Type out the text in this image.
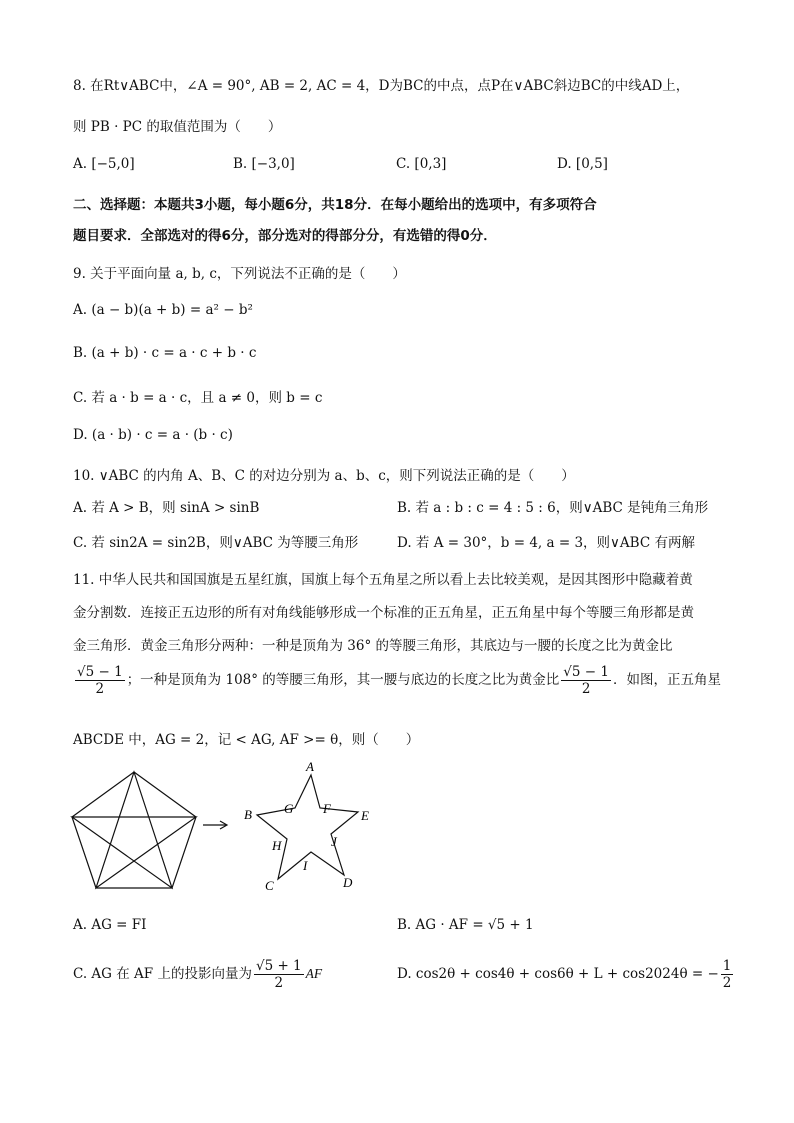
8. 在Rt∨ABC中，∠A = 90°, AB = 2, AC = 4，D为BC的中点，点P在∨ABC斜边BC的中线AD上，
则 PB · PC 的取值范围为（　　）
A. [−5,0]	B. [−3,0]	C. [0,3]	D. [0,5]
二、选择题：本题共3小题，每小题6分，共18分．在每小题给出的选项中，有多项符合
题目要求．全部选对的得6分，部分选对的得部分分，有选错的得0分．
9. 关于平面向量 a, b, c，下列说法不正确的是（　　）
A. (a − b)(a + b) = a² − b²
B. (a + b) · c = a · c + b · c
C. 若 a · b = a · c，且 a ≠ 0，则 b = c
D. (a · b) · c = a · (b · c)
10. ∨ABC 的内角 A、B、C 的对边分别为 a、b、c，则下列说法正确的是（　　）
A. 若 A > B，则 sinA > sinB	B. 若 a : b : c = 4 : 5 : 6，则∨ABC 是钝角三角形
C. 若 sin2A = sin2B，则∨ABC 为等腰三角形	D. 若 A = 30°，b = 4, a = 3，则∨ABC 有两解
11. 中华人民共和国国旗是五星红旗，国旗上每个五角星之所以看上去比较美观，是因其图形中隐藏着黄
金分割数．连接正五边形的所有对角线能够形成一个标准的正五角星，正五角星中每个等腰三角形都是黄
金三角形．黄金三角形分两种：一种是顶角为 36° 的等腰三角形，其底边与一腰的长度之比为黄金比
$\frac{√5 - 1}{2}$ ；一种是顶角为 108° 的等腰三角形，其一腰与底边的长度之比为黄金比 $\frac{√5 - 1}{2}$ ．如图，正五角星
ABCDE 中，AG = 2，记 < AG, AF >= θ，则（　　）
A
B
C	D
E
F
G
H
I
J
A. AG = FI	B. AG · AF = √5 + 1
C. AG 在 AF 上的投影向量为 $\frac{√5 + 1}{2}$ AF	D. cos2θ + cos4θ + cos6θ + L + cos2024θ = − $\frac{1}{2}$
